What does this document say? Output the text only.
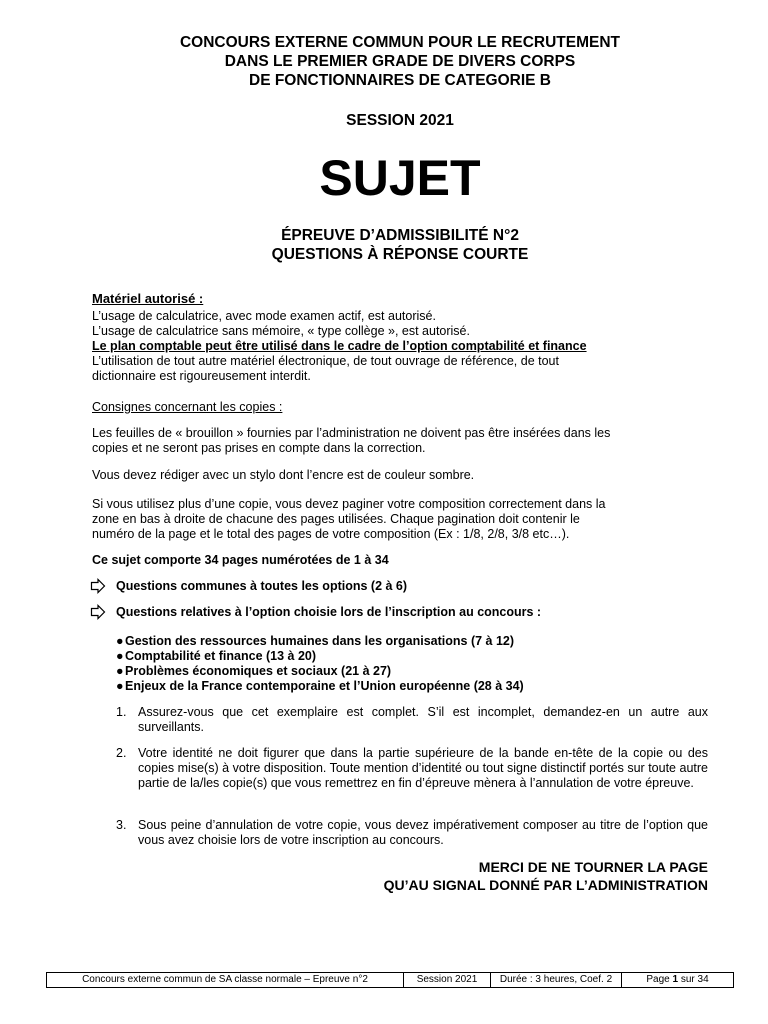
CONCOURS EXTERNE COMMUN POUR LE RECRUTEMENT
DANS LE PREMIER GRADE DE DIVERS CORPS
DE FONCTIONNAIRES DE CATEGORIE B
SESSION 2021
SUJET
ÉPREUVE D’ADMISSIBILITÉ N°2
QUESTIONS À RÉPONSE COURTE
Matériel autorisé :
L’usage de calculatrice, avec mode examen actif, est autorisé.
L’usage de calculatrice sans mémoire, « type collège », est autorisé.
Le plan comptable peut être utilisé dans le cadre de l’option comptabilité et finance
L’utilisation de tout autre matériel électronique, de tout ouvrage de référence, de tout
dictionnaire est rigoureusement interdit.
Consignes concernant les copies :
Les feuilles de « brouillon » fournies par l’administration ne doivent pas être insérées dans les
copies et ne seront pas prises en compte dans la correction.
Vous devez rédiger avec un stylo dont l’encre est de couleur sombre.
Si vous utilisez plus d’une copie, vous devez paginer votre composition correctement dans la
zone en bas à droite de chacune des pages utilisées. Chaque pagination doit contenir le
numéro de la page et le total des pages de votre composition (Ex : 1/8, 2/8, 3/8 etc…).
Ce sujet comporte 34 pages numérotées de 1 à 34
Questions communes à toutes les options (2 à 6)
Questions relatives à l’option choisie lors de l’inscription au concours :
● Gestion des ressources humaines dans les organisations (7 à 12)
● Comptabilité et finance (13 à 20)
● Problèmes économiques et sociaux (21 à 27)
● Enjeux de la France contemporaine et l’Union européenne (28 à 34)
1. Assurez-vous que cet exemplaire est complet. S’il est incomplet, demandez-en un autre aux surveillants.
2. Votre identité ne doit figurer que dans la partie supérieure de la bande en-tête de la copie ou des copies mise(s) à votre disposition. Toute mention d’identité ou tout signe distinctif portés sur toute autre partie de la/les copie(s) que vous remettrez en fin d’épreuve mènera à l’annulation de votre épreuve.
3. Sous peine d’annulation de votre copie, vous devez impérativement composer au titre de l’option que vous avez choisie lors de votre inscription au concours.
MERCI DE NE TOURNER LA PAGE
QU’AU SIGNAL DONNÉ PAR L’ADMINISTRATION
Concours externe commun de SA classe normale – Epreuve n°2	Session 2021	Durée : 3 heures, Coef. 2	Page 1 sur 34
